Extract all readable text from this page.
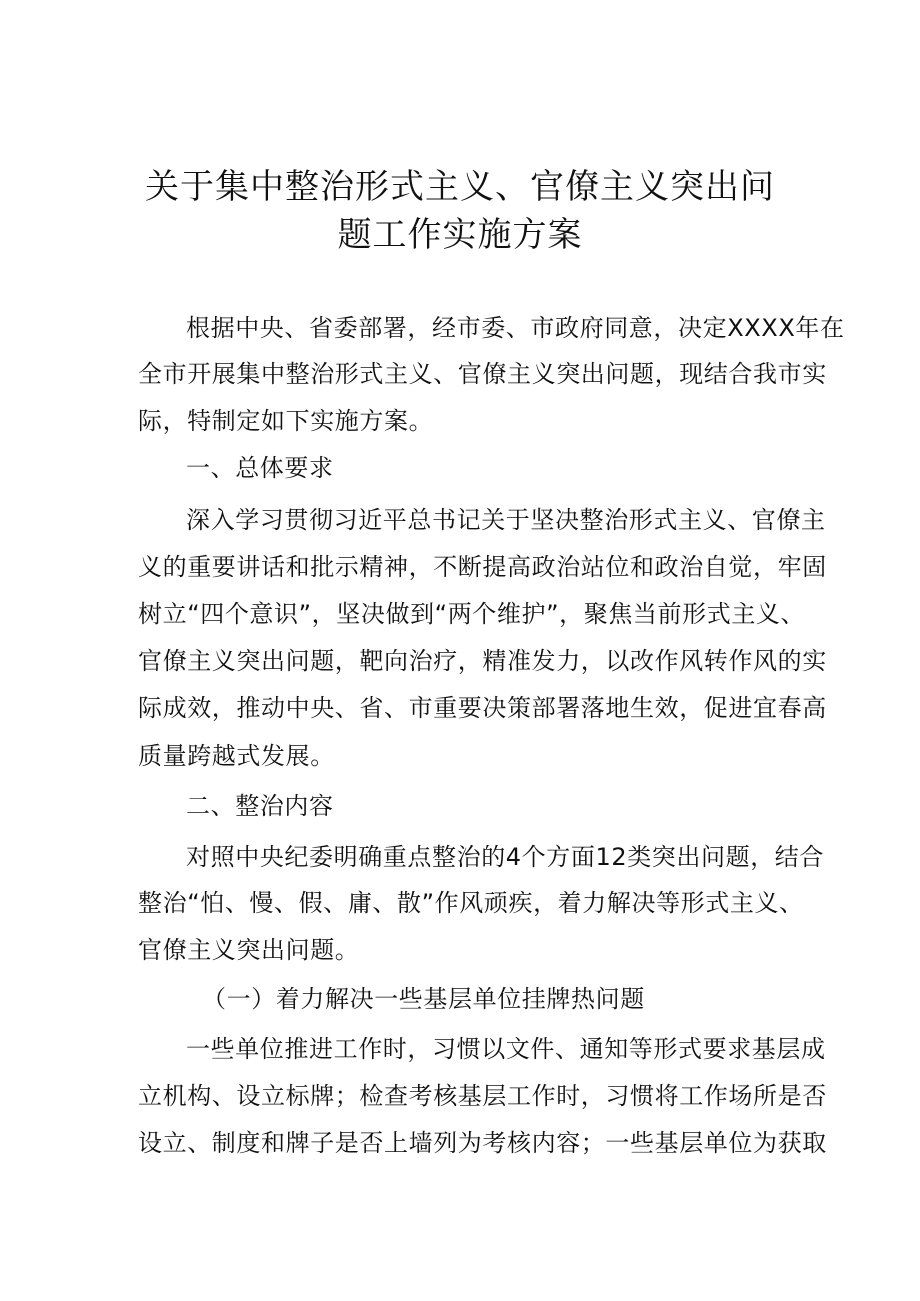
关于集中整治形式主义、官僚主义突出问
题工作实施方案
根据中央、省委部署，经市委、市政府同意，决定XXXX年在
全市开展集中整治形式主义、官僚主义突出问题，现结合我市实
际，特制定如下实施方案。
一、总体要求
深入学习贯彻习近平总书记关于坚决整治形式主义、官僚主
义的重要讲话和批示精神，不断提高政治站位和政治自觉，牢固
树立“四个意识”，坚决做到“两个维护”，聚焦当前形式主义、
官僚主义突出问题，靶向治疗，精准发力，以改作风转作风的实
际成效，推动中央、省、市重要决策部署落地生效，促进宜春高
质量跨越式发展。
二、整治内容
对照中央纪委明确重点整治的4个方面12类突出问题，结合
整治“怕、慢、假、庸、散”作风顽疾，着力解决等形式主义、
官僚主义突出问题。
（一）着力解决一些基层单位挂牌热问题
一些单位推进工作时，习惯以文件、通知等形式要求基层成
立机构、设立标牌；检查考核基层工作时，习惯将工作场所是否
设立、制度和牌子是否上墙列为考核内容；一些基层单位为获取
